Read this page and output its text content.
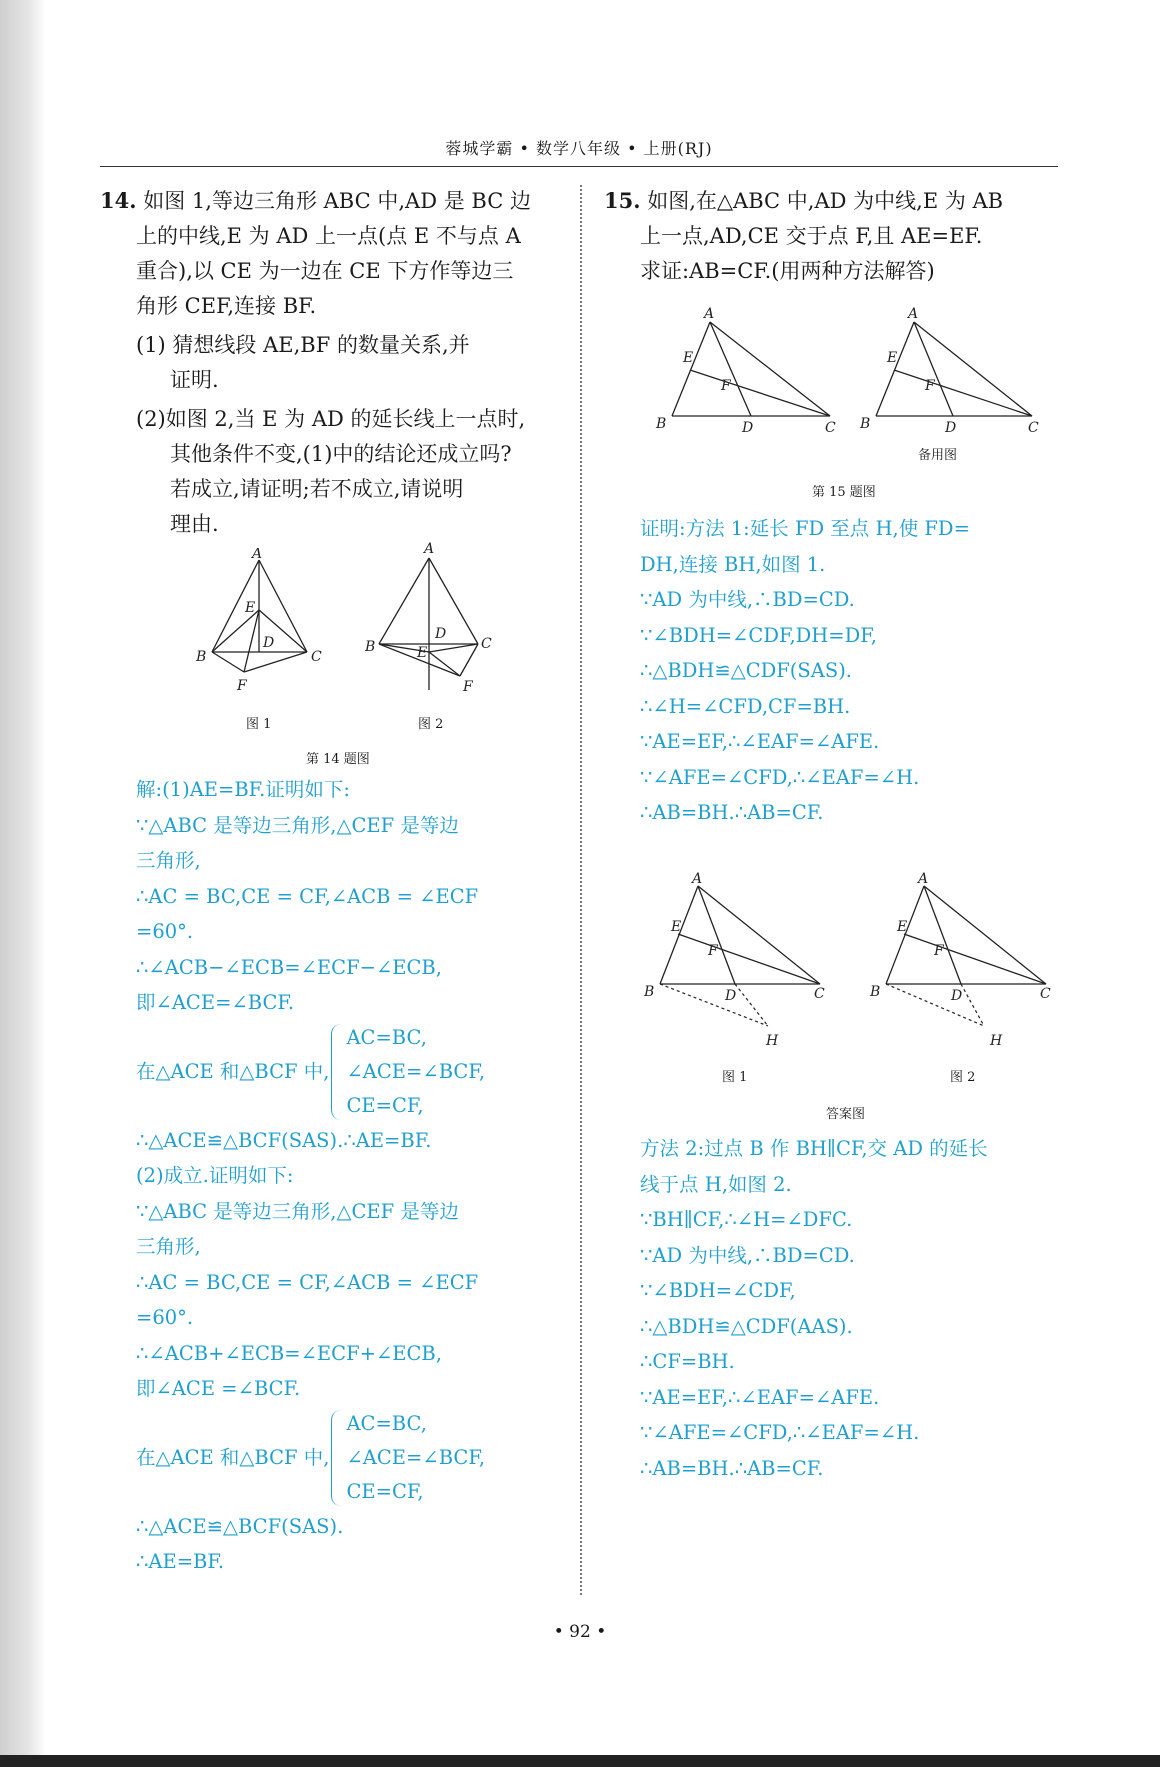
蓉城学霸 • 数学八年级 • 上册(RJ)
14. 如图 1,等边三角形 ABC 中,AD 是 BC 边
上的中线,E 为 AD 上一点(点 E 不与点 A
重合),以 CE 为一边在 CE 下方作等边三
角形 CEF,连接 BF.
(1) 猜想线段 AE,BF 的数量关系,并
证明.
(2)如图 2,当 E 为 AD 的延长线上一点时,
其他条件不变,(1)中的结论还成立吗?
若成立,请证明;若不成立,请说明
理由.
A
E
D
B	C
F
图 1
A
D
E
B	C
F
图 2
第 14 题图
解:(1)AE=BF.证明如下:
∵△ABC 是等边三角形,△CEF 是等边
三角形,
∴AC = BC,CE = CF,∠ACB = ∠ECF
=60°.
∴∠ACB−∠ECB=∠ECF−∠ECB,
即∠ACE=∠BCF.
在△ACE 和△BCF 中,
AC=BC,
∠ACE=∠BCF,
CE=CF,
∴△ACE≌△BCF(SAS).∴AE=BF.
(2)成立.证明如下:
∵△ABC 是等边三角形,△CEF 是等边
三角形,
∴AC = BC,CE = CF,∠ACB = ∠ECF
=60°.
∴∠ACB+∠ECB=∠ECF+∠ECB,
即∠ACE =∠BCF.
在△ACE 和△BCF 中,
AC=BC,
∠ACE=∠BCF,
CE=CF,
∴△ACE≌△BCF(SAS).
∴AE=BF.
15. 如图,在△ABC 中,AD 为中线,E 为 AB
上一点,AD,CE 交于点 F,且 AE=EF.
求证:AB=CF.(用两种方法解答)
A
E
F
B	D	C
A
E
F
B	D	C
备用图
第 15 题图
证明:方法 1:延长 FD 至点 H,使 FD=
DH,连接 BH,如图 1.
∵AD 为中线,∴BD=CD.
∵∠BDH=∠CDF,DH=DF,
∴△BDH≌△CDF(SAS).
∴∠H=∠CFD,CF=BH.
∵AE=EF,∴∠EAF=∠AFE.
∵∠AFE=∠CFD,∴∠EAF=∠H.
∴AB=BH.∴AB=CF.
A
E
F
B	D	C
H
图 1
A
E
F
B	D	C
H
图 2
答案图
方法 2:过点 B 作 BH∥CF,交 AD 的延长
线于点 H,如图 2.
∵BH∥CF,∴∠H=∠DFC.
∵AD 为中线,∴BD=CD.
∵∠BDH=∠CDF,
∴△BDH≌△CDF(AAS).
∴CF=BH.
∵AE=EF,∴∠EAF=∠AFE.
∵∠AFE=∠CFD,∴∠EAF=∠H.
∴AB=BH.∴AB=CF.
• 92 •
